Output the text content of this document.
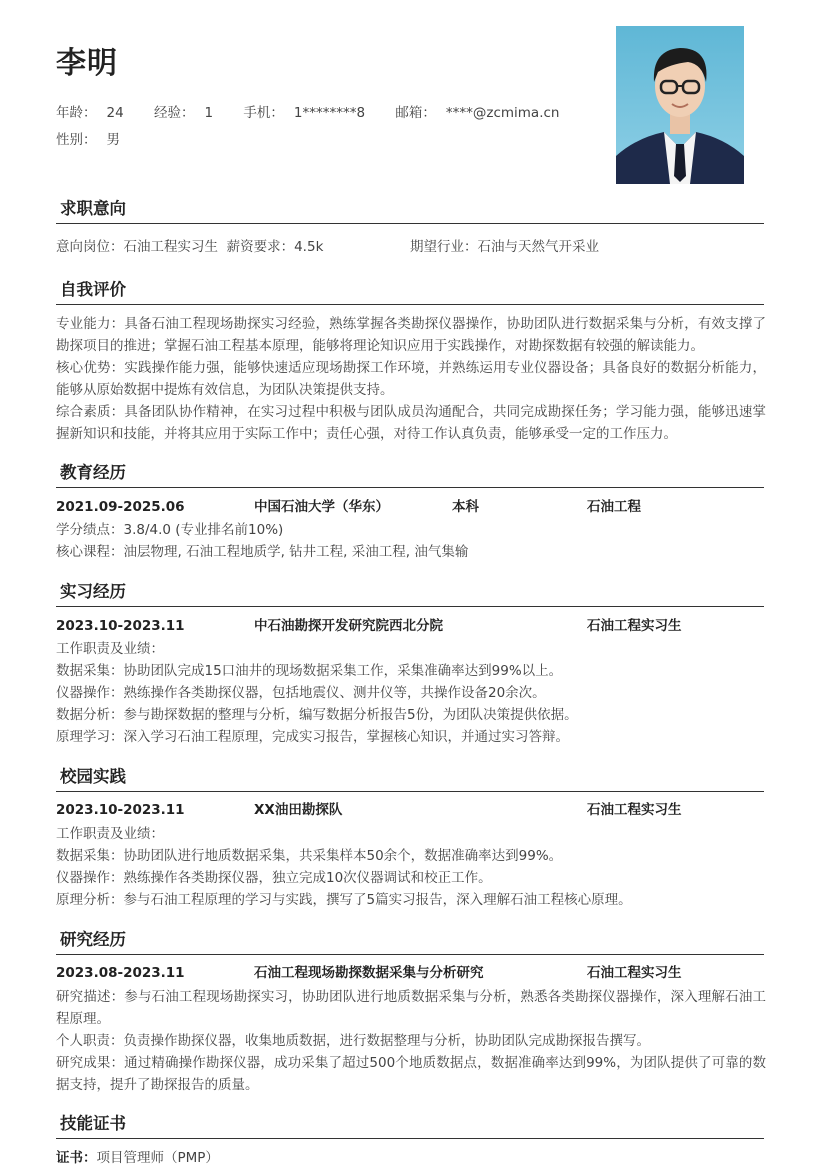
李明
年龄： 24 经验： 1 手机： 1********8 邮箱： ****@zcmima.cn
性别： 男
求职意向
意向岗位：石油工程实习生 薪资要求：4.5k	期望行业：石油与天然气开采业
自我评价
专业能力：具备石油工程现场勘探实习经验，熟练掌握各类勘探仪器操作，协助团队进行数据采集与分析，有效支撑了勘探项目的推进；掌握石油工程基本原理，能够将理论知识应用于实践操作，对勘探数据有较强的解读能力。
核心优势：实践操作能力强，能够快速适应现场勘探工作环境，并熟练运用专业仪器设备；具备良好的数据分析能力，能够从原始数据中提炼有效信息，为团队决策提供支持。
综合素质：具备团队协作精神，在实习过程中积极与团队成员沟通配合，共同完成勘探任务；学习能力强，能够迅速掌握新知识和技能，并将其应用于实际工作中；责任心强，对待工作认真负责，能够承受一定的工作压力。
教育经历
2021.09-2025.06	中国石油大学（华东）	本科	石油工程
学分绩点：3.8/4.0 (专业排名前10%)
核心课程：油层物理, 石油工程地质学, 钻井工程, 采油工程, 油气集输
实习经历
2023.10-2023.11	中石油勘探开发研究院西北分院	石油工程实习生
工作职责及业绩：
数据采集：协助团队完成15口油井的现场数据采集工作，采集准确率达到99%以上。
仪器操作：熟练操作各类勘探仪器，包括地震仪、测井仪等，共操作设备20余次。
数据分析：参与勘探数据的整理与分析，编写数据分析报告5份，为团队决策提供依据。
原理学习：深入学习石油工程原理，完成实习报告，掌握核心知识，并通过实习答辩。
校园实践
2023.10-2023.11	XX油田勘探队	石油工程实习生
工作职责及业绩：
数据采集：协助团队进行地质数据采集，共采集样本50余个，数据准确率达到99%。
仪器操作：熟练操作各类勘探仪器，独立完成10次仪器调试和校正工作。
原理分析：参与石油工程原理的学习与实践，撰写了5篇实习报告，深入理解石油工程核心原理。
研究经历
2023.08-2023.11	石油工程现场勘探数据采集与分析研究	石油工程实习生
研究描述：参与石油工程现场勘探实习，协助团队进行地质数据采集与分析，熟悉各类勘探仪器操作，深入理解石油工程原理。
个人职责：负责操作勘探仪器，收集地质数据，进行数据整理与分析，协助团队完成勘探报告撰写。
研究成果：通过精确操作勘探仪器，成功采集了超过500个地质数据点，数据准确率达到99%，为团队提供了可靠的数据支持，提升了勘探报告的质量。
技能证书
证书：项目管理师（PMP）
